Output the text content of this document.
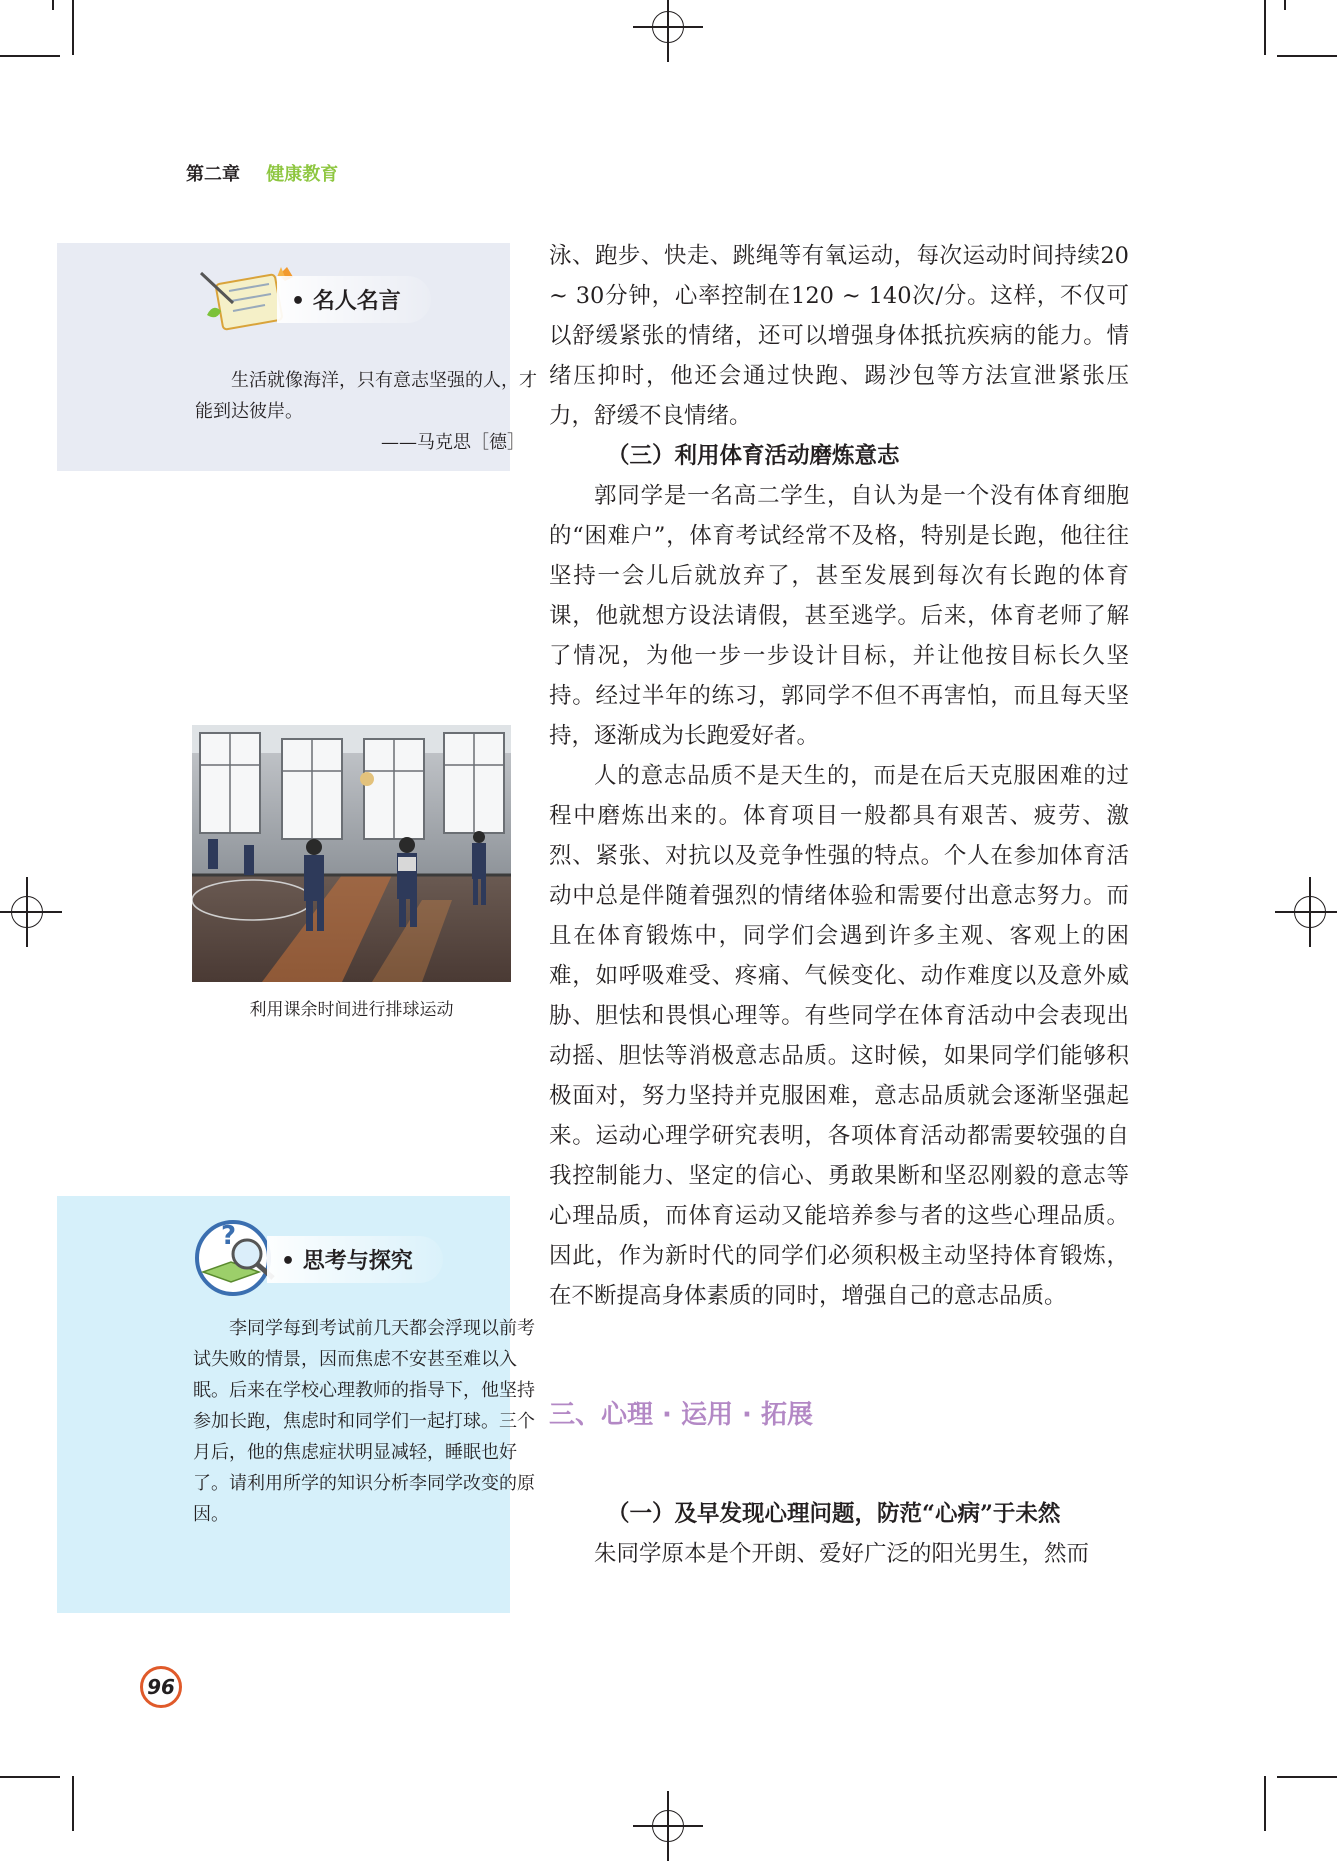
第二章 健康教育
• 名人名言
生活就像海洋，只有意志坚强的人，才能到达彼岸。
——马克思［德］
利用课余时间进行排球运动
?
• 思考与探究
李同学每到考试前几天都会浮现以前考试失败的情景，因而焦虑不安甚至难以入眠。后来在学校心理教师的指导下，他坚持参加长跑，焦虑时和同学们一起打球。三个月后，他的焦虑症状明显减轻，睡眠也好了。请利用所学的知识分析李同学改变的原因。

泳、跑步、快走、跳绳等有氧运动，每次运动时间持续20 ~ 30分钟，心率控制在120 ~ 140次/分。这样，不仅可以舒缓紧张的情绪，还可以增强身体抵抗疾病的能力。情绪压抑时，他还会通过快跑、踢沙包等方法宣泄紧张压力，舒缓不良情绪。

（三）利用体育活动磨炼意志

郭同学是一名高二学生，自认为是一个没有体育细胞的“困难户”，体育考试经常不及格，特别是长跑，他往往坚持一会儿后就放弃了，甚至发展到每次有长跑的体育课，他就想方设法请假，甚至逃学。后来，体育老师了解了情况，为他一步一步设计目标，并让他按目标长久坚持。经过半年的练习，郭同学不但不再害怕，而且每天坚持，逐渐成为长跑爱好者。

人的意志品质不是天生的，而是在后天克服困难的过程中磨炼出来的。体育项目一般都具有艰苦、疲劳、激烈、紧张、对抗以及竞争性强的特点。个人在参加体育活动中总是伴随着强烈的情绪体验和需要付出意志努力。而且在体育锻炼中，同学们会遇到许多主观、客观上的困难，如呼吸难受、疼痛、气候变化、动作难度以及意外威胁、胆怯和畏惧心理等。有些同学在体育活动中会表现出动摇、胆怯等消极意志品质。这时候，如果同学们能够积极面对，努力坚持并克服困难，意志品质就会逐渐坚强起来。运动心理学研究表明，各项体育活动都需要较强的自我控制能力、坚定的信心、勇敢果断和坚忍刚毅的意志等心理品质，而体育运动又能培养参与者的这些心理品质。因此，作为新时代的同学们必须积极主动坚持体育锻炼，在不断提高身体素质的同时，增强自己的意志品质。

三、心理 · 运用 · 拓展

（一）及早发现心理问题，防范“心病”于未然

朱同学原本是个开朗、爱好广泛的阳光男生，然而

96
